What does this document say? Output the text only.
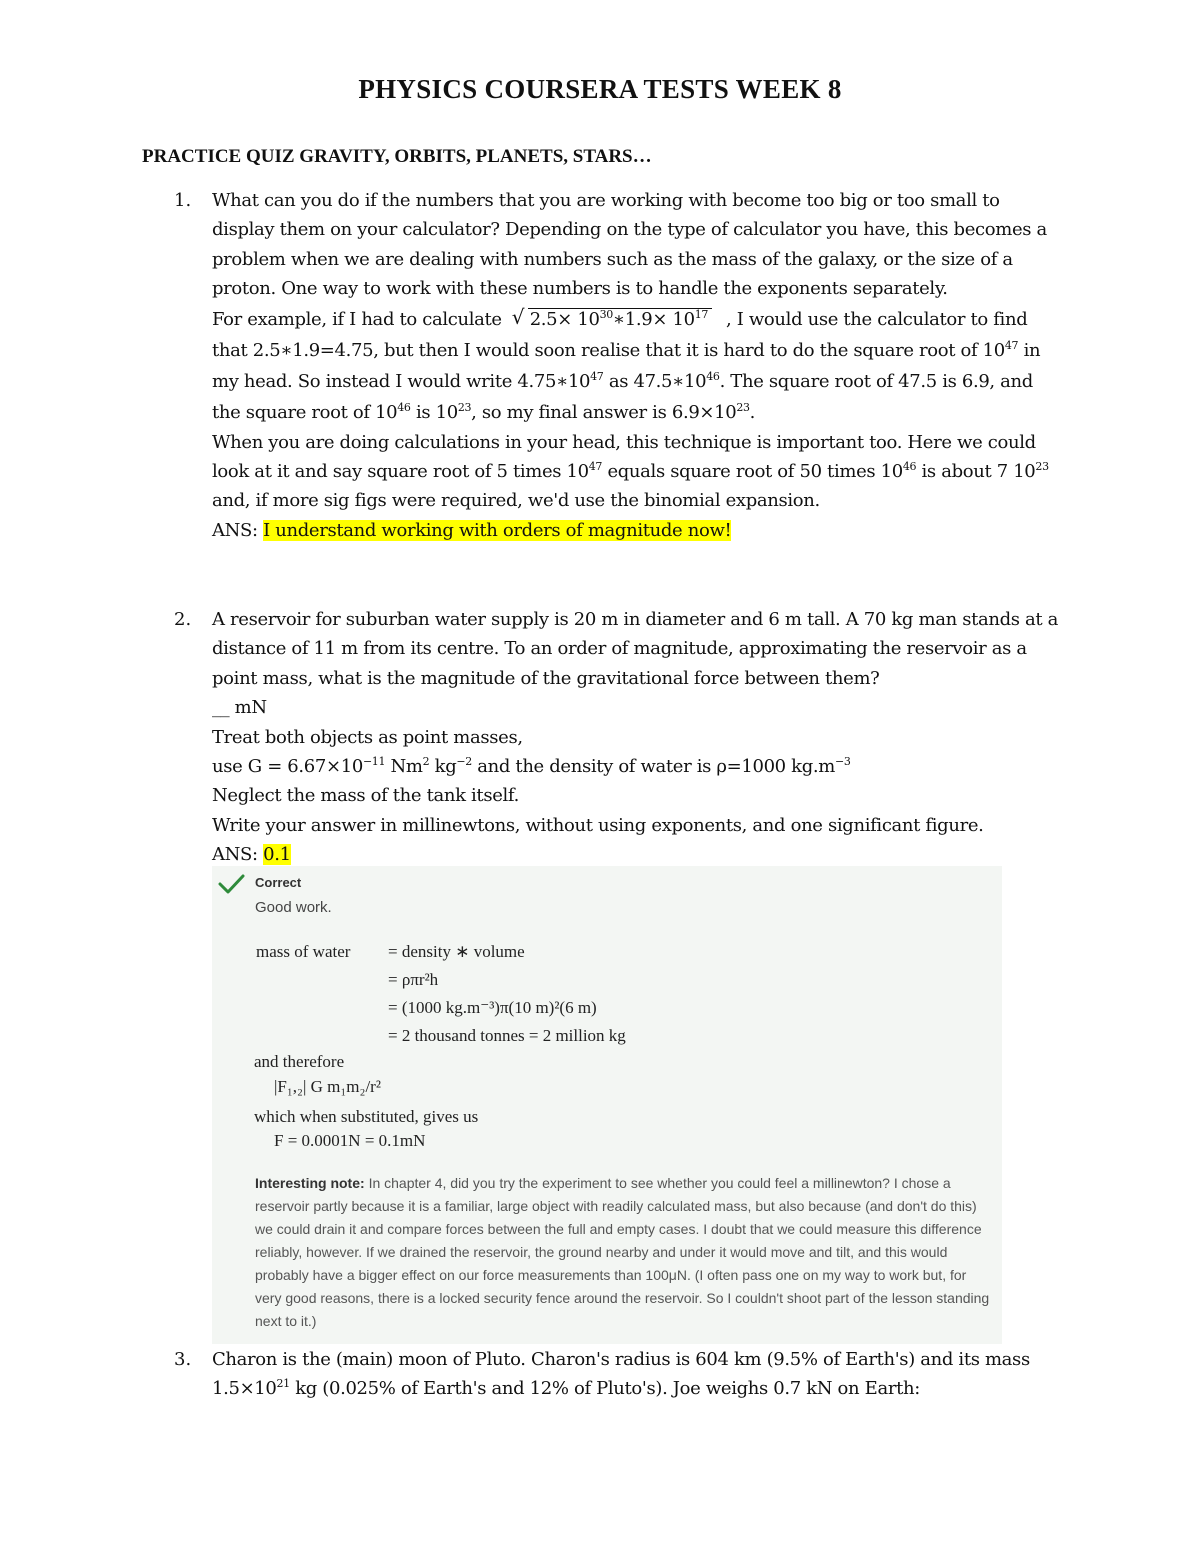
PHYSICS COURSERA TESTS WEEK 8
PRACTICE QUIZ GRAVITY, ORBITS, PLANETS, STARS…
1. What can you do if the numbers that you are working with become too big or too small to display them on your calculator? Depending on the type of calculator you have, this becomes a problem when we are dealing with numbers such as the mass of the galaxy, or the size of a proton. One way to work with these numbers is to handle the exponents separately.

For example, if I had to calculate √ $2.5\times 10^{30}∗1.9\times 10^{17}$ , I would use the calculator to find that 2.5∗1.9=4.75, but then I would soon realise that it is hard to do the square root of $10^{47}$ in my head. So instead I would write $4.75∗10^{47}$ as $47.5∗10^{46}$. The square root of 47.5 is 6.9, and the square root of $10^{46}$ is $10^{23}$, so my final answer is $6.9\times 10^{23}$.

When you are doing calculations in your head, this technique is important too. Here we could look at it and say square root of 5 times $10^{47}$ equals square root of 50 times $10^{46}$ is about 7 $10^{23}$ and, if more sig figs were required, we'd use the binomial expansion.

ANS: I understand working with orders of magnitude now!

2. A reservoir for suburban water supply is 20 m in diameter and 6 m tall. A 70 kg man stands at a distance of 11 m from its centre. To an order of magnitude, approximating the reservoir as a point mass, what is the magnitude of the gravitational force between them?

__ mN

Treat both objects as point masses,

use $G = 6.67\times 10^{-11}$ Nm$^2$ $kg^{-2}$ and the density of water is ρ=1000 $kg.m^{-3}$

Neglect the mass of the tank itself.

Write your answer in millinewtons, without using exponents, and one significant figure.

ANS: 0.1

Correct
Good work.
mass of water = density ∗ volume
= ρπr²h
= (1000 kg.m⁻³)π(10 m)²(6 m)
= 2 thousand tonnes = 2 million kg
and therefore
|F₁,₂| G m₁m₂/r²
which when substituted, gives us
F = 0.0001N = 0.1mN
Interesting note: In chapter 4, did you try the experiment to see whether you could feel a millinewton? I chose a reservoir partly because it is a familiar, large object with readily calculated mass, but also because (and don't do this) we could drain it and compare forces between the full and empty cases. I doubt that we could measure this difference reliably, however. If we drained the reservoir, the ground nearby and under it would move and tilt, and this would probably have a bigger effect on our force measurements than 100μN. (I often pass one on my way to work but, for very good reasons, there is a locked security fence around the reservoir. So I couldn't shoot part of the lesson standing next to it.)
3. Charon is the (main) moon of Pluto. Charon's radius is 604 km (9.5% of Earth's) and its mass $1.5\times 10^{21}$ kg (0.025% of Earth's and 12% of Pluto's). Joe weighs 0.7 kN on Earth:
